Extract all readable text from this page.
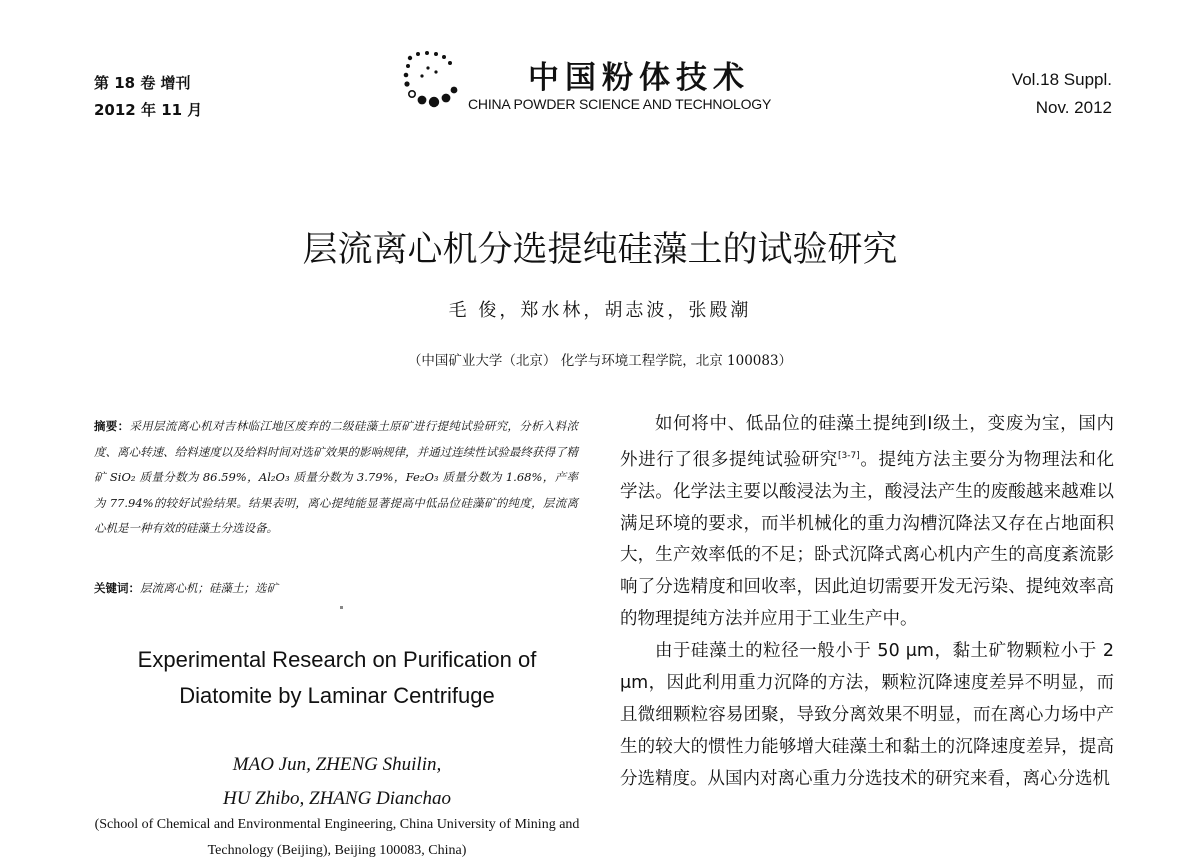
第 18 卷 增刊
2012 年 11 月
中国粉体技术
CHINA POWDER SCIENCE AND TECHNOLOGY
Vol.18 Suppl.
Nov. 2012
层流离心机分选提纯硅藻土的试验研究
毛 俊，郑水林，胡志波，张殿潮
（中国矿业大学（北京） 化学与环境工程学院，北京 100083）
摘要：采用层流离心机对吉林临江地区废弃的二级硅藻土原矿进行提纯试验研究，分析入料浓度、离心转速、给料速度以及给料时间对选矿效果的影响规律，并通过连续性试验最终获得了精矿 SiO₂ 质量分数为 86.59%，Al₂O₃ 质量分数为 3.79%，Fe₂O₃ 质量分数为 1.68%，产率为 77.94%的较好试验结果。结果表明，离心提纯能显著提高中低品位硅藻矿的纯度，层流离心机是一种有效的硅藻土分选设备。
关键词：层流离心机；硅藻土；选矿
Experimental Research on Purification of Diatomite by Laminar Centrifuge
MAO Jun, ZHENG Shuilin,
HU Zhibo, ZHANG Dianchao
(School of Chemical and Environmental Engineering, China University of Mining and Technology (Beijing), Beijing 100083, China)

如何将中、低品位的硅藻土提纯到Ⅰ级土，变废为宝，国内外进行了很多提纯试验研究[3-7]。提纯方法主要分为物理法和化学法。化学法主要以酸浸法为主，酸浸法产生的废酸越来越难以满足环境的要求，而半机械化的重力沟槽沉降法又存在占地面积大，生产效率低的不足；卧式沉降式离心机内产生的高度紊流影响了分选精度和回收率，因此迫切需要开发无污染、提纯效率高的物理提纯方法并应用于工业生产中。

由于硅藻土的粒径一般小于 50 μm，黏土矿物颗粒小于 2 μm，因此利用重力沉降的方法，颗粒沉降速度差异不明显，而且微细颗粒容易团聚，导致分离效果不明显，而在离心力场中产生的较大的惯性力能够增大硅藻土和黏土的沉降速度差异，提高分选精度。从国内对离心重力分选技术的研究来看，离心分选机
